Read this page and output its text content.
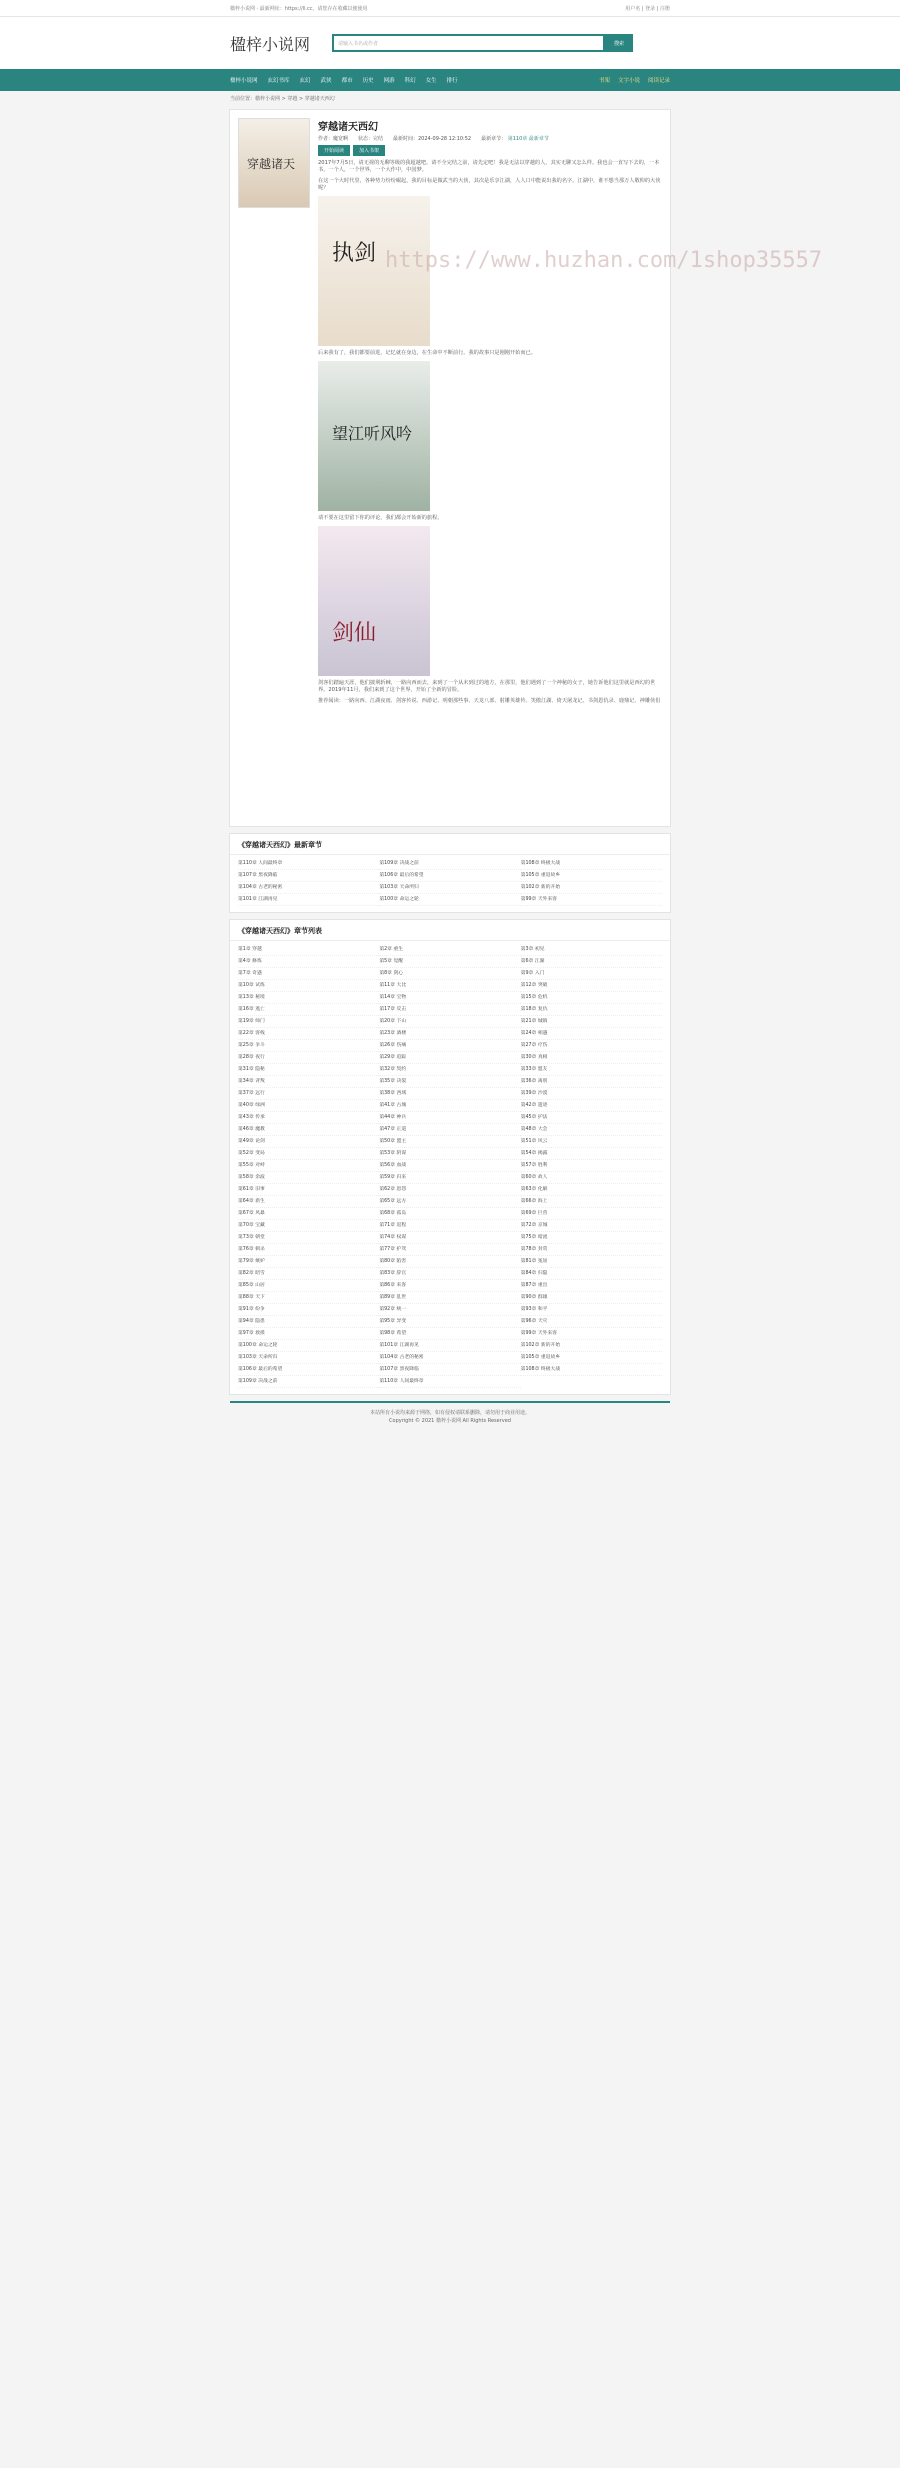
楹梓小说网 · 最新网址：https://ll.cc，请您存在收藏以便使用	用户名 | 登录 | 注册
楹梓小说网	请输入书名或作者	搜索
楹梓小说网 玄幻书库 玄幻 武侠 都市 历史 网游 科幻 女生 排行	书架 文字小说 阅读记录
当前位置：楹梓小说网 > 穿越 > 穿越诸天西幻
穿越诸天
穿越诸天西幻
作者：魔宽啊　　状态：完结　　最新时间：2024-09-28 12:10:52　　最新章节： 第110章 最新章节
开始阅读	加入书架
2017年7月5日，请无视的无聊等级的我超越吧。请不全完结之前，请先定吧！我是无法以穿越的人，其实无聊又怎么样。我也会一直写下去的，一本书，一个人，一个世界，一个大作中，中国梦。
在这一个大时代里，各种势力纷纷崛起。我的目标是做武当的大侠，其次是乐享江湖，人人口中能说出我的名字。江湖中，谁不想当那万人敬仰的大侠呢？
执剑
后来我有了，我们都要前进，记忆就在身边，在生命中不断前行。我的故事只是刚刚开始而已。
望江听风吟
请不要在这里留下你的评论，我们都会开始新的旅程。
剑仙
剑客们踏遍天涯，他们披荆斩棘，一路向西而去，来到了一个从未到过的地方，在那里，他们遇到了一个神秘的女子，她告诉他们这里就是西幻的世界。2019年11月，我们来到了这个世界，开始了全新的冒险。
推荐阅读：一路向西、江湖夜雨、剑客传说、西游记、明朝那些事、天龙八部、射雕英雄传、笑傲江湖、倚天屠龙记、书剑恩仇录、鹿鼎记、神雕侠侣
https://www.huzhan.com/1shop35557
《穿越诸天西幻》最新章节
第110章 人间最终章	第109章 决战之前	第108章 终极大战
第107章 黑夜降临	第106章 最后的希望	第105章 重返故乡
第104章 古老的秘密	第103章 天命所归	第102章 新的开始
第101章 江湖再见	第100章 命运之轮	第99章 天外来客
《穿越诸天西幻》章节列表
第1章 穿越	第2章 重生	第3章 初见
第4章 修炼	第5章 觉醒	第6章 江湖
第7章 奇遇	第8章 剑心	第9章 入门
第10章 试炼	第11章 大比	第12章 突破
第13章 秘境	第14章 宝物	第15章 危机
第16章 逃亡	第17章 反击	第18章 复仇
第19章 师门	第20章 下山	第21章 城镇
第22章 客栈	第23章 酒楼	第24章 相遇
第25章 争斗	第26章 伤痛	第27章 疗伤
第28章 夜行	第29章 追踪	第30章 真相
第31章 隐秘	第32章 契约	第33章 盟友
第34章 背叛	第35章 决裂	第36章 离别
第37章 远行	第38章 西域	第39章 沙漠
第40章 绿洲	第41章 古城	第42章 遗迹
第43章 传承	第44章 神兵	第45章 护法
第46章 魔教	第47章 正道	第48章 大会
第49章 论剑	第50章 盟主	第51章 风云
第52章 变局	第53章 阴谋	第54章 揭露
第55章 对峙	第56章 血战	第57章 胜利
第58章 余波	第59章 归来	第60章 故人
第61章 旧事	第62章 恩怨	第63章 化解
第64章 新生	第65章 远方	第66章 海上
第67章 风暴	第68章 孤岛	第69章 巨兽
第70章 宝藏	第71章 返程	第72章 京城
第73章 朝堂	第74章 权谋	第75章 暗流
第76章 刺杀	第77章 护驾	第78章 封赏
第79章 嫉妒	第80章 陷害	第81章 冤屈
第82章 昭雪	第83章 辞官	第84章 归隐
第85章 山居	第86章 来客	第87章 重出
第88章 天下	第89章 乱世	第90章 群雄
第91章 纷争	第92章 统一	第93章 和平
第94章 隐患	第95章 异变	第96章 天灾
第97章 救援	第98章 希望	第99章 天外来客
第100章 命运之轮	第101章 江湖再见	第102章 新的开始
第103章 天命所归	第104章 古老的秘密	第105章 重返故乡
第106章 最后的希望	第107章 黑夜降临	第108章 终极大战
第109章 决战之前	第110章 人间最终章
本站所有小说均来源于网络，如有侵权请联系删除，请勿用于商业用途。
Copyright © 2021 楹梓小说网 All Rights Reserved
